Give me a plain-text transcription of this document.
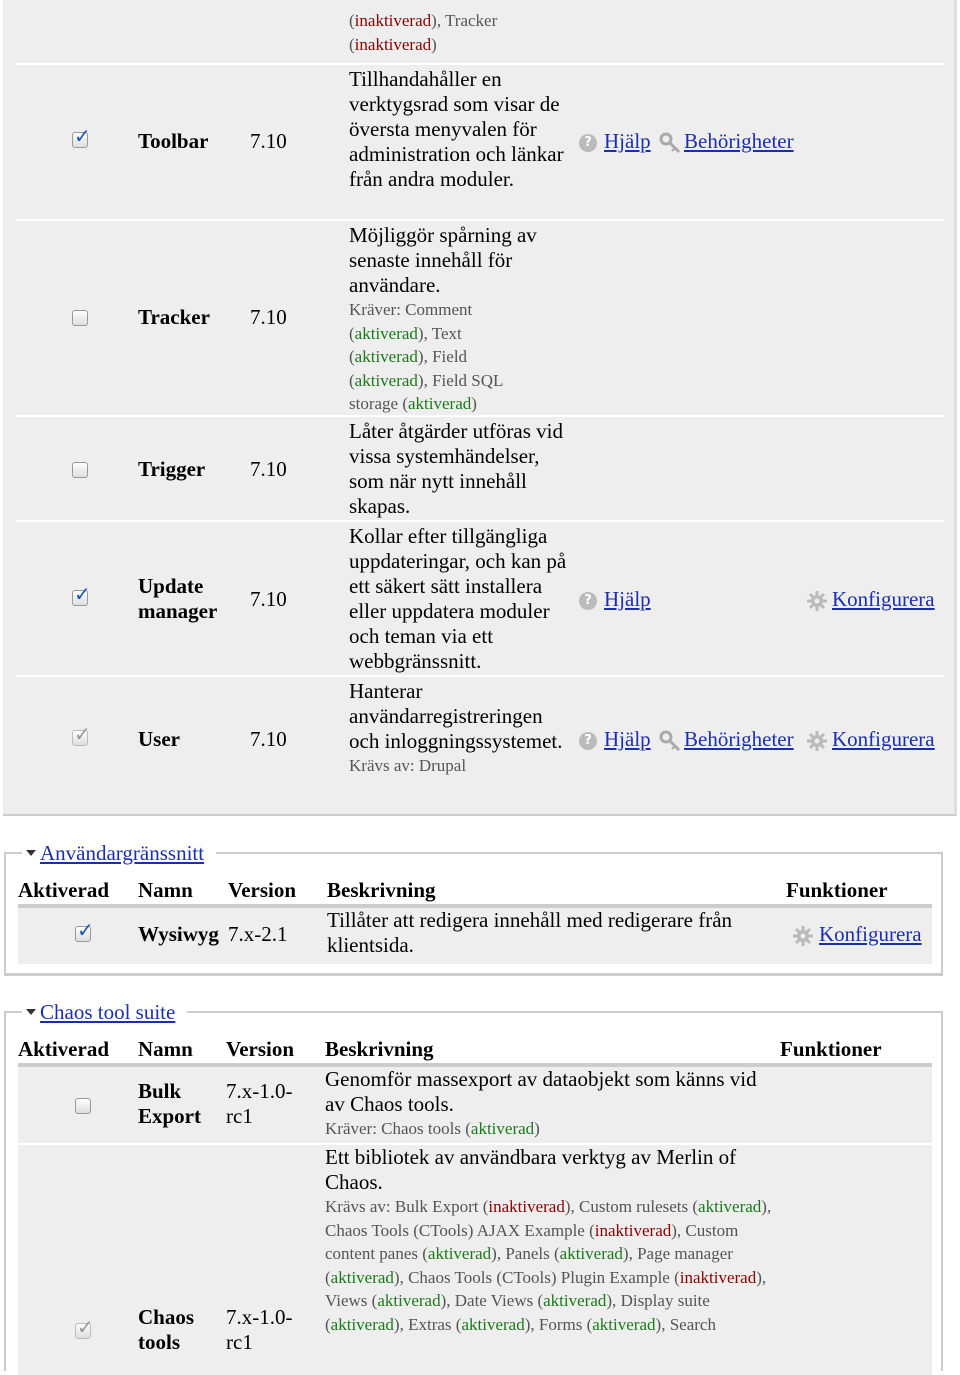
(inaktiverad), Tracker
(inaktiverad)
✓ Toolbar 7.10
Tillhandahåller en verktygsrad som visar de översta menyvalen för administration och länkar från andra moduler.
? Hjälp Behörigheter
Tracker 7.10
Möjliggör spårning av senaste innehåll för användare.
Kräver: Comment (aktiverad), Text (aktiverad), Field (aktiverad), Field SQL storage (aktiverad)
Trigger 7.10
Låter åtgärder utföras vid vissa systemhändelser, som när nytt innehåll skapas.
✓ Update manager	7.10
Kollar efter tillgängliga uppdateringar, och kan på ett säkert sätt installera eller uppdatera moduler och teman via ett webbgränssnitt.
? Hjälp	Konfigurera
✓ User	7.10
Hanterar användarregistreringen och inloggningssystemet.
Krävs av: Drupal
? Hjälp Behörigheter Konfigurera
Användargränssnitt
Aktiverad Namn Version Beskrivning	Funktioner
✓ Wysiwyg 7.x-2.1
Tillåter att redigera innehåll med redigerare från klientsida.	Konfigurera
Chaos tool suite
Aktiverad Namn Version Beskrivning	Funktioner
Bulk Export
7.x-1.0-rc1
Genomför massexport av dataobjekt som känns vid av Chaos tools.
Kräver: Chaos tools (aktiverad)
✓ Chaos tools
7.x-1.0-rc1
Ett bibliotek av användbara verktyg av Merlin of Chaos.
Krävs av: Bulk Export (inaktiverad), Custom rulesets (aktiverad), Chaos Tools (CTools) AJAX Example (inaktiverad), Custom content panes (aktiverad), Panels (aktiverad), Page manager (aktiverad), Chaos Tools (CTools) Plugin Example (inaktiverad), Views (aktiverad), Date Views (aktiverad), Display suite (aktiverad), Extras (aktiverad), Forms (aktiverad), Search
